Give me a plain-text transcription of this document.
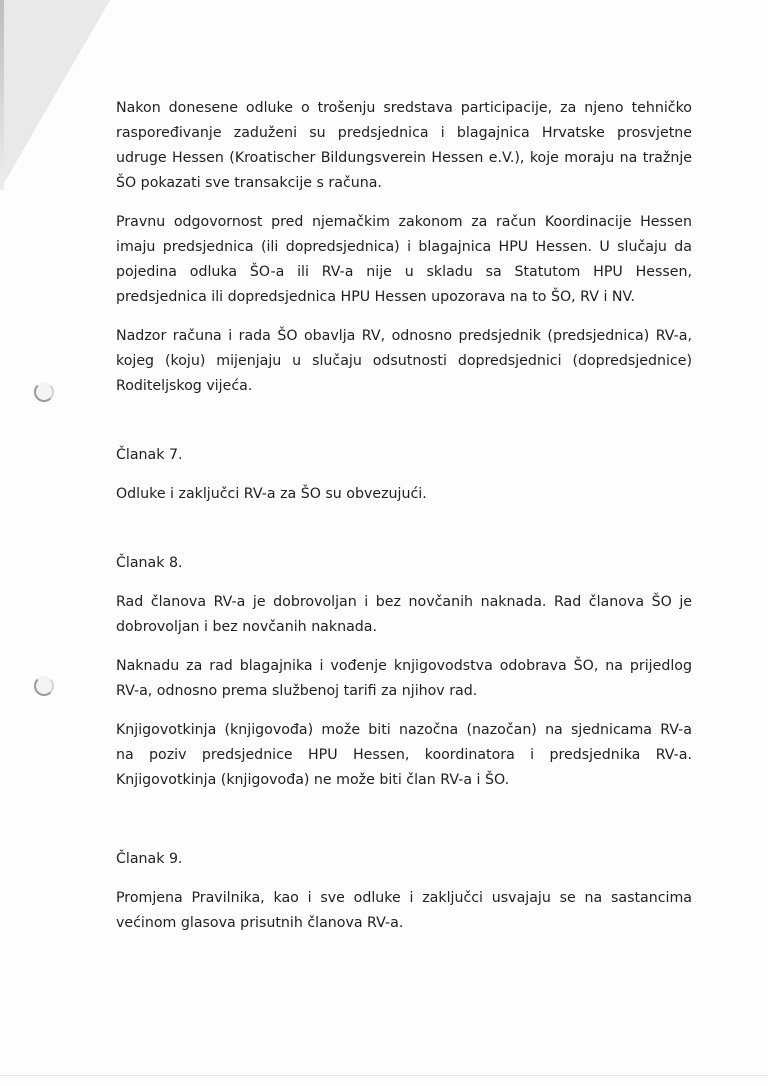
Nakon donesene odluke o trošenju sredstava participacije, za njeno tehničko
raspoređivanje zaduženi su predsjednica i blagajnica Hrvatske prosvjetne
udruge Hessen (Kroatischer Bildungsverein Hessen e.V.), koje moraju na tražnje
ŠO pokazati sve transakcije s računa.

Pravnu odgovornost pred njemačkim zakonom za račun Koordinacije Hessen
imaju predsjednica (ili dopredsjednica) i blagajnica HPU Hessen. U slučaju da
pojedina odluka ŠO-a ili RV-a nije u skladu sa Statutom HPU Hessen,
predsjednica ili dopredsjednica HPU Hessen upozorava na to ŠO, RV i NV.

Nadzor računa i rada ŠO obavlja RV, odnosno predsjednik (predsjednica) RV-a,
kojeg (koju) mijenjaju u slučaju odsutnosti dopredsjednici (dopredsjednice)
Roditeljskog vijeća.

Članak 7.

Odluke i zaključci RV-a za ŠO su obvezujući.

Članak 8.

Rad članova RV-a je dobrovoljan i bez novčanih naknada. Rad članova ŠO je
dobrovoljan i bez novčanih naknada.

Naknadu za rad blagajnika i vođenje knjigovodstva odobrava ŠO, na prijedlog
RV-a, odnosno prema službenoj tarifi za njihov rad.

Knjigovotkinja (knjigovođa) može biti nazočna (nazočan) na sjednicama RV-a
na poziv predsjednice HPU Hessen, koordinatora i predsjednika RV-a.
Knjigovotkinja (knjigovođa) ne može biti član RV-a i ŠO.

Članak 9.

Promjena Pravilnika, kao i sve odluke i zaključci usvajaju se na sastancima
većinom glasova prisutnih članova RV-a.
